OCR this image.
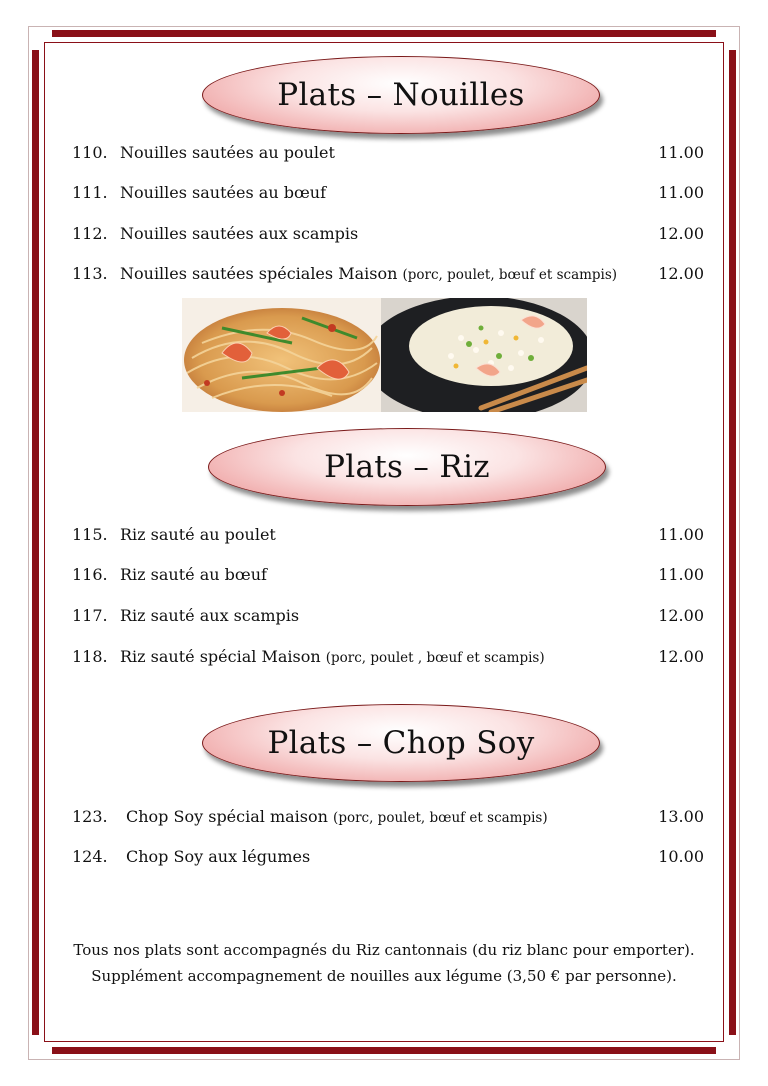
Plats – Nouilles
110. Nouilles sautées au poulet	11.00
111. Nouilles sautées au bœuf	11.00
112. Nouilles sautées aux scampis	12.00
113. Nouilles sautées spéciales Maison (porc, poulet, bœuf et scampis)	12.00
Plats – Riz
115. Riz sauté au poulet	11.00
116. Riz sauté au bœuf	11.00
117. Riz sauté aux scampis	12.00
118. Riz sauté spécial Maison (porc, poulet , bœuf et scampis)	12.00
Plats – Chop Soy
123. Chop Soy spécial maison (porc, poulet, bœuf et scampis)	13.00
124. Chop Soy aux légumes	10.00
Tous nos plats sont accompagnés du Riz cantonnais (du riz blanc pour emporter).
Supplément accompagnement de nouilles aux légume (3,50 € par personne).
